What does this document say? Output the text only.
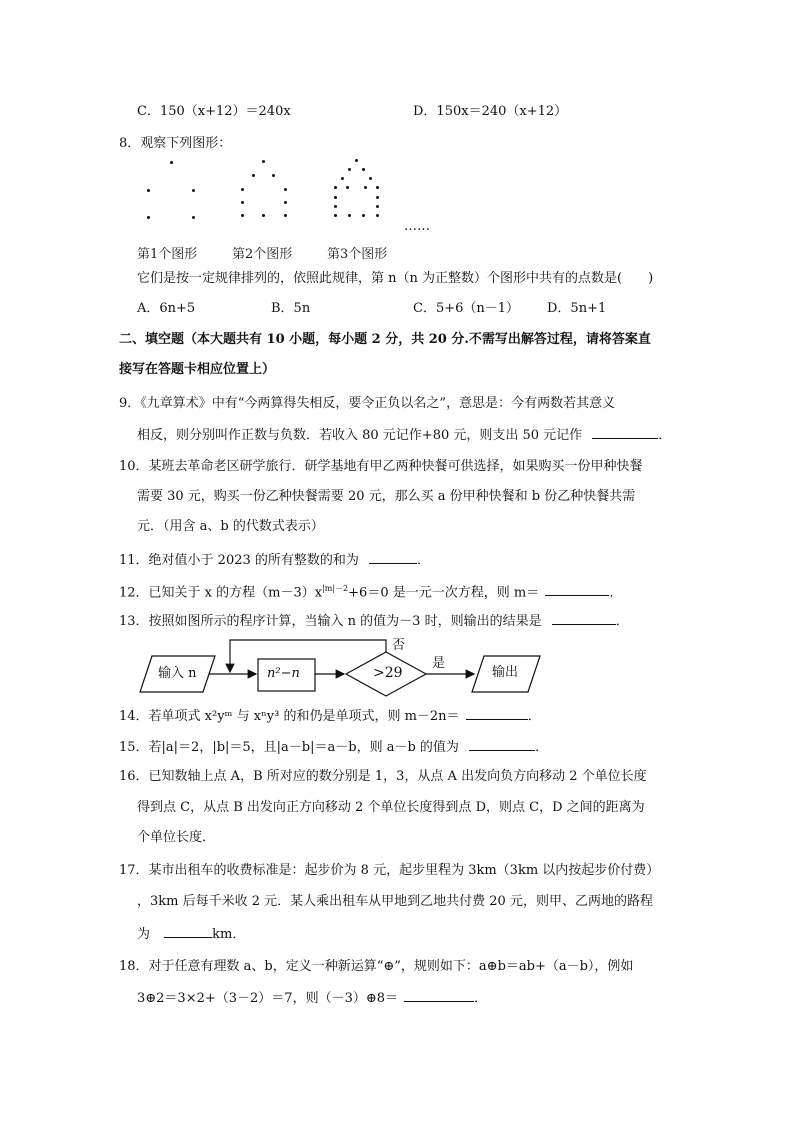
C．150（x+12）＝240x	D．150x＝240（x+12）
8．观察下列图形：
……
第1个图形	第2个图形	第3个图形
它们是按一定规律排列的，依照此规律，第 n（n 为正整数）个图形中共有的点数是(　　)
A．6n+5	B．5n	C．5+6（n－1） D．5n+1
二、填空题（本大题共有 10 小题，每小题 2 分，共 20 分.不需写出解答过程，请将答案直
接写在答题卡相应位置上）
9．《九章算术》中有“今两算得失相反，要令正负以名之”，意思是：今有两数若其意义
相反，则分别叫作正数与负数．若收入 80 元记作+80 元，则支出 50 元记作	．
10．某班去革命老区研学旅行．研学基地有甲乙两种快餐可供选择，如果购买一份甲种快餐
需要 30 元，购买一份乙种快餐需要 20 元，那么买 a 份甲种快餐和 b 份乙种快餐共需
元．（用含 a、b 的代数式表示）
11．绝对值小于 2023 的所有整数的和为	．
12．已知关于 x 的方程$(m-3)x^{|m|-2}+6=0$ 是一元一次方程，则 m＝	．
13．按照如图所示的程序计算，当输入 n 的值为－3 时，则输出的结果是	．
输入 n	n²−n	>29
否
是
输出
14．若单项式 x²yᵐ 与 xⁿy³ 的和仍是单项式，则 m－2n＝	．
15．若|a|＝2，|b|＝5，且|a－b|＝a－b，则 a－b 的值为	．
16．已知数轴上点 A，B 所对应的数分别是 1，3，从点 A 出发向负方向移动 2 个单位长度
得到点 C，从点 B 出发向正方向移动 2 个单位长度得到点 D，则点 C，D 之间的距离为
个单位长度．
17．某市出租车的收费标准是：起步价为 8 元，起步里程为 3km（3km 以内按起步价付费）
，3km 后每千米收 2 元．某人乘出租车从甲地到乙地共付费 20 元，则甲、乙两地的路程
为	km．
18．对于任意有理数 a、b，定义一种新运算“⊕”，规则如下：a⊕b＝ab+（a－b），例如
3⊕2＝3×2+（3－2）＝7，则（－3）⊕8＝	．
